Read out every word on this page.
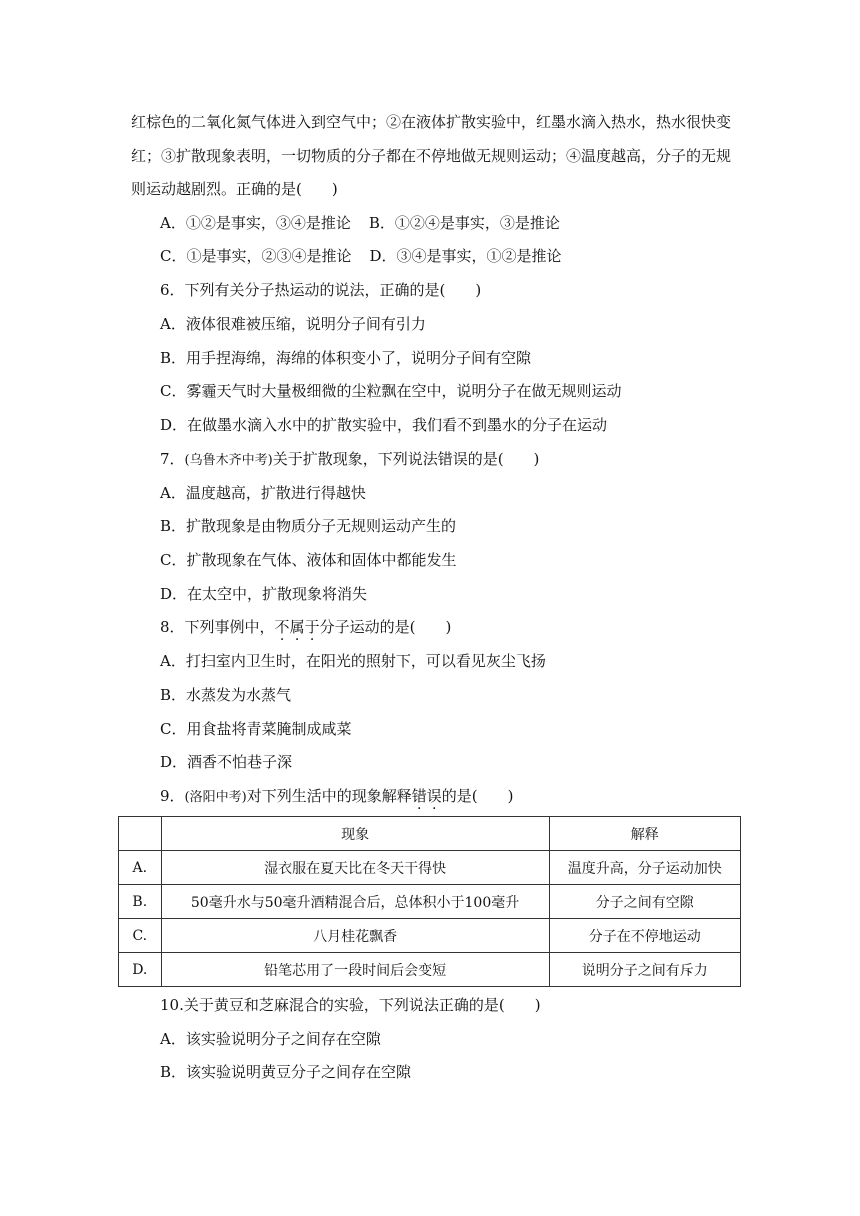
红棕色的二氧化氮气体进入到空气中；②在液体扩散实验中，红墨水滴入热水，热水很快变
红；③扩散现象表明，一切物质的分子都在不停地做无规则运动；④温度越高，分子的无规
则运动越剧烈。正确的是(　　)
A．①②是事实，③④是推论 B．①②④是事实，③是推论
C．①是事实，②③④是推论 D．③④是事实，①②是推论
6．下列有关分子热运动的说法，正确的是(　　)
A．液体很难被压缩，说明分子间有引力
B．用手捏海绵，海绵的体积变小了，说明分子间有空隙
C．雾霾天气时大量极细微的尘粒飘在空中，说明分子在做无规则运动
D．在做墨水滴入水中的扩散实验中，我们看不到墨水的分子在运动
7．(乌鲁木齐中考)关于扩散现象，下列说法错误的是(　　)
A．温度越高，扩散进行得越快
B．扩散现象是由物质分子无规则运动产生的
C．扩散现象在气体、液体和固体中都能发生
D．在太空中，扩散现象将消失
8．下列事例中，不属于分子运动的是(　　)
A．打扫室内卫生时，在阳光的照射下，可以看见灰尘飞扬
B．水蒸发为水蒸气
C．用食盐将青菜腌制成咸菜
D．酒香不怕巷子深
9．(洛阳中考)对下列生活中的现象解释错误的是(　　)
	现象	解释
A.	湿衣服在夏天比在冬天干得快	温度升高，分子运动加快
B.	50毫升水与50毫升酒精混合后，总体积小于100毫升	分子之间有空隙
C.	八月桂花飘香	分子在不停地运动
D.	铅笔芯用了一段时间后会变短	说明分子之间有斥力
10.关于黄豆和芝麻混合的实验，下列说法正确的是(　　)
A．该实验说明分子之间存在空隙
B．该实验说明黄豆分子之间存在空隙
